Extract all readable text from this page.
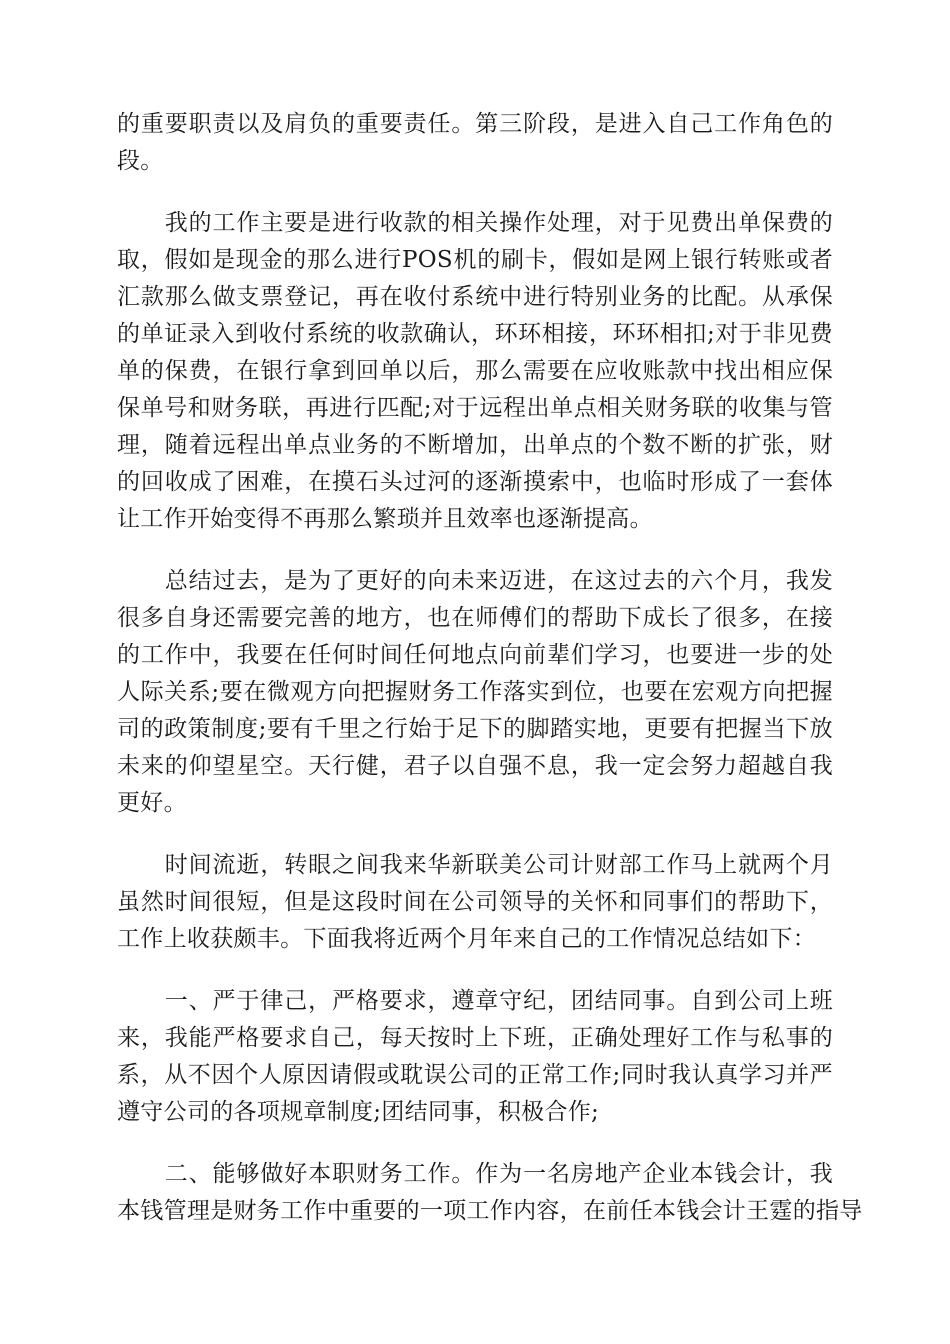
的重要职责以及肩负的重要责任。第三阶段，是进入自己工作角色的
段。

　　我的工作主要是进行收款的相关操作处理，对于见费出单保费的
取，假如是现金的那么进行POS机的刷卡，假如是网上银行转账或者
汇款那么做支票登记，再在收付系统中进行特别业务的比配。从承保
的单证录入到收付系统的收款确认，环环相接，环环相扣;对于非见费
单的保费，在银行拿到回单以后，那么需要在应收账款中找出相应保
保单号和财务联，再进行匹配;对于远程出单点相关财务联的收集与管
理，随着远程出单点业务的不断增加，出单点的个数不断的扩张，财
的回收成了困难，在摸石头过河的逐渐摸索中，也临时形成了一套体
让工作开始变得不再那么繁琐并且效率也逐渐提高。

　　总结过去，是为了更好的向未来迈进，在这过去的六个月，我发
很多自身还需要完善的地方，也在师傅们的帮助下成长了很多，在接
的工作中，我要在任何时间任何地点向前辈们学习，也要进一步的处
人际关系;要在微观方向把握财务工作落实到位，也要在宏观方向把握
司的政策制度;要有千里之行始于足下的脚踏实地，更要有把握当下放
未来的仰望星空。天行健，君子以自强不息，我一定会努力超越自我
更好。

　　时间流逝，转眼之间我来华新联美公司计财部工作马上就两个月
虽然时间很短，但是这段时间在公司领导的关怀和同事们的帮助下，
工作上收获颇丰。下面我将近两个月年来自己的工作情况总结如下：

　　一、严于律己，严格要求，遵章守纪，团结同事。自到公司上班
来，我能严格要求自己，每天按时上下班，正确处理好工作与私事的
系，从不因个人原因请假或耽误公司的正常工作;同时我认真学习并严
遵守公司的各项规章制度;团结同事，积极合作;

　　二、能够做好本职财务工作。作为一名房地产企业本钱会计，我
本钱管理是财务工作中重要的一项工作内容，在前任本钱会计王霆的指导
